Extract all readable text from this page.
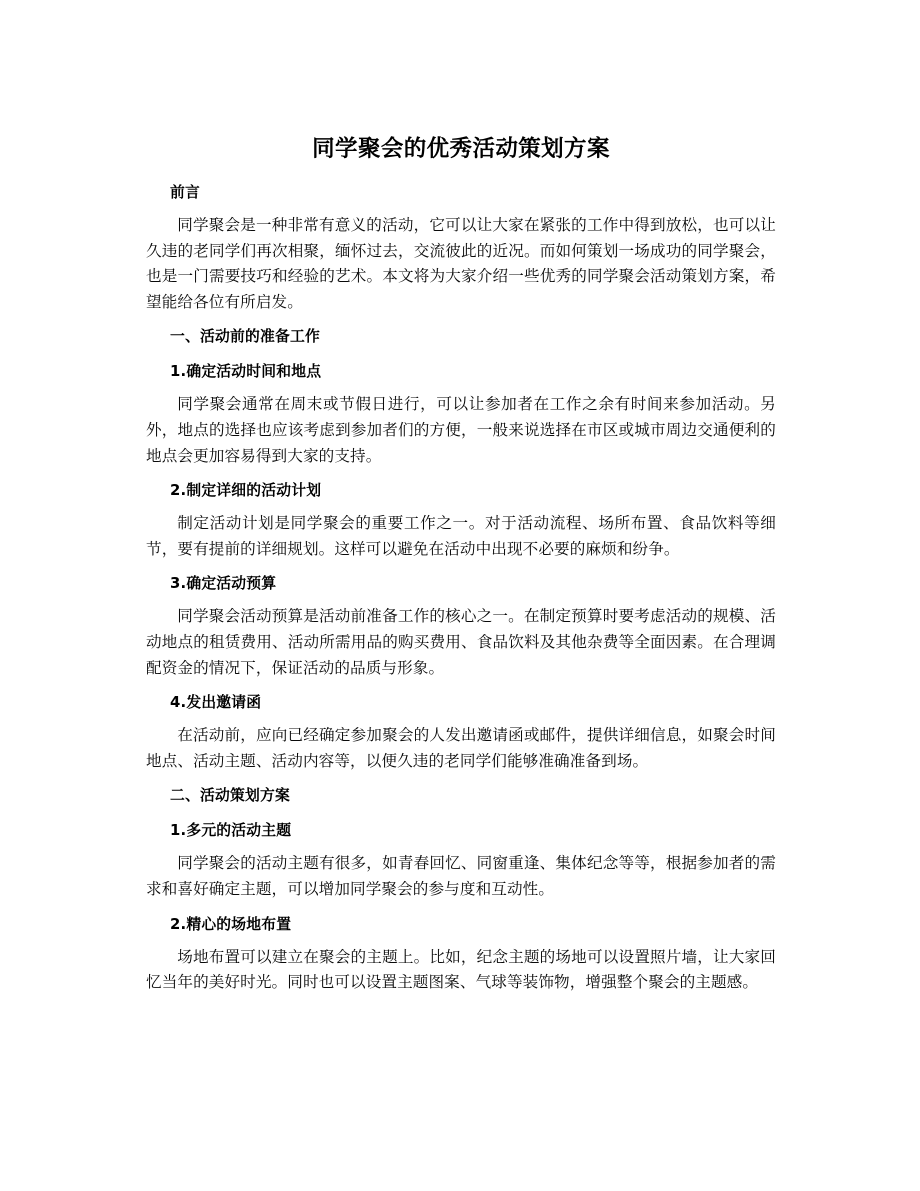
同学聚会的优秀活动策划方案
前言

同学聚会是一种非常有意义的活动，它可以让大家在紧张的工作中得到放松，也可以让久违的老同学们再次相聚，缅怀过去，交流彼此的近况。而如何策划一场成功的同学聚会，也是一门需要技巧和经验的艺术。本文将为大家介绍一些优秀的同学聚会活动策划方案，希望能给各位有所启发。

一、活动前的准备工作
1.确定活动时间和地点

同学聚会通常在周末或节假日进行，可以让参加者在工作之余有时间来参加活动。另外，地点的选择也应该考虑到参加者们的方便，一般来说选择在市区或城市周边交通便利的地点会更加容易得到大家的支持。

2.制定详细的活动计划

制定活动计划是同学聚会的重要工作之一。对于活动流程、场所布置、食品饮料等细节，要有提前的详细规划。这样可以避免在活动中出现不必要的麻烦和纷争。

3.确定活动预算

同学聚会活动预算是活动前准备工作的核心之一。在制定预算时要考虑活动的规模、活动地点的租赁费用、活动所需用品的购买费用、食品饮料及其他杂费等全面因素。在合理调配资金的情况下，保证活动的品质与形象。

4.发出邀请函

在活动前，应向已经确定参加聚会的人发出邀请函或邮件，提供详细信息，如聚会时间地点、活动主题、活动内容等，以便久违的老同学们能够准确准备到场。

二、活动策划方案
1.多元的活动主题

同学聚会的活动主题有很多，如青春回忆、同窗重逢、集体纪念等等，根据参加者的需求和喜好确定主题，可以增加同学聚会的参与度和互动性。

2.精心的场地布置

场地布置可以建立在聚会的主题上。比如，纪念主题的场地可以设置照片墙，让大家回忆当年的美好时光。同时也可以设置主题图案、气球等装饰物，增强整个聚会的主题感。
